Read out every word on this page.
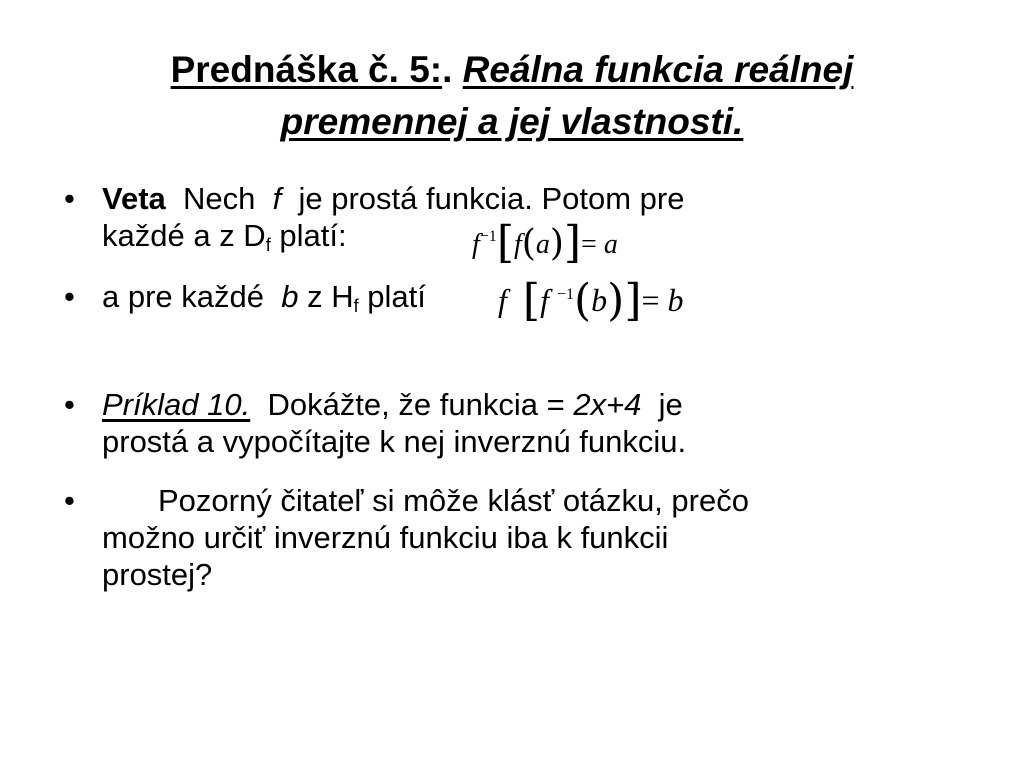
Prednáška č. 5:. Reálna funkcia reálnej
premennej a jej vlastnosti.
• Veta Nech f je prostá funkcia. Potom pre
každé a z $D_f$ platí:	$f^{-1}[f(a)]= a$
• a pre každé b z $H_f$ platí f [f $^{-1}$(b)]= b
• Príklad 10. Dokážte, že funkcia = 2x+4 je
prostá a vypočítajte k nej inverznú funkciu.
•	Pozorný čitateľ si môže klásť otázku, prečo
možno určiť inverznú funkciu iba k funkcii
prostej?
